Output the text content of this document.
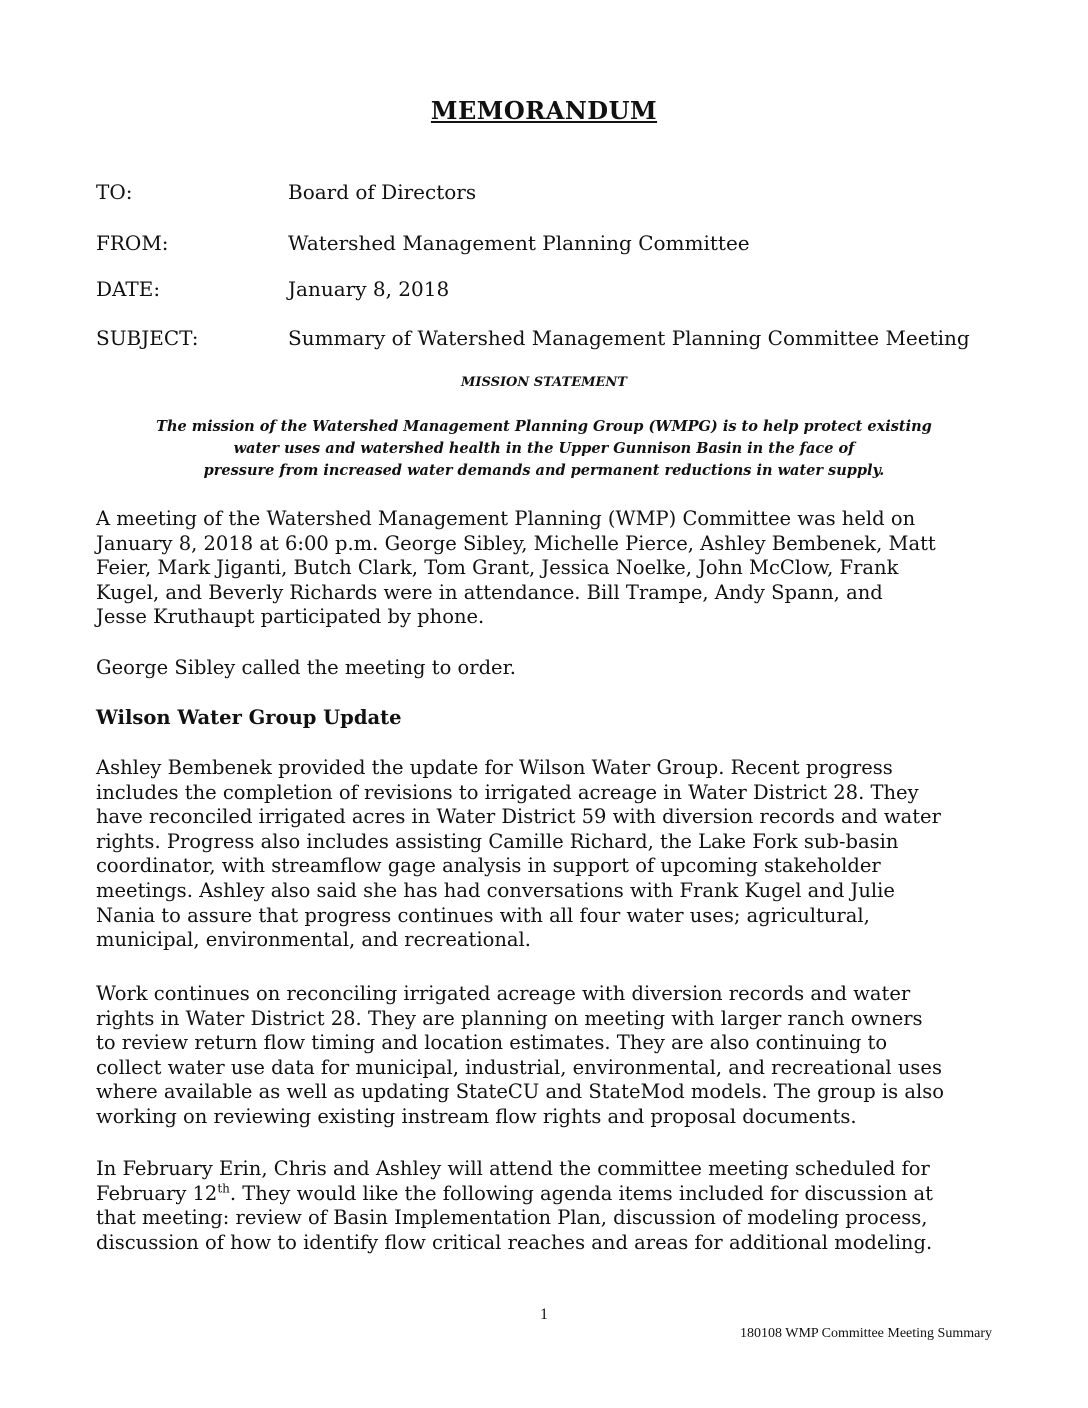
MEMORANDUM
TO:	Board of Directors
FROM:	Watershed Management Planning Committee
DATE:	January 8, 2018
SUBJECT:	Summary of Watershed Management Planning Committee Meeting
MISSION STATEMENT
The mission of the Watershed Management Planning Group (WMPG) is to help protect existing
water uses and watershed health in the Upper Gunnison Basin in the face of
pressure from increased water demands and permanent reductions in water supply.
A meeting of the Watershed Management Planning (WMP) Committee was held on
January 8, 2018 at 6:00 p.m. George Sibley, Michelle Pierce, Ashley Bembenek, Matt
Feier, Mark Jiganti, Butch Clark, Tom Grant, Jessica Noelke, John McClow, Frank
Kugel, and Beverly Richards were in attendance. Bill Trampe, Andy Spann, and
Jesse Kruthaupt participated by phone.
George Sibley called the meeting to order.
Wilson Water Group Update
Ashley Bembenek provided the update for Wilson Water Group. Recent progress
includes the completion of revisions to irrigated acreage in Water District 28. They
have reconciled irrigated acres in Water District 59 with diversion records and water
rights. Progress also includes assisting Camille Richard, the Lake Fork sub-basin
coordinator, with streamflow gage analysis in support of upcoming stakeholder
meetings. Ashley also said she has had conversations with Frank Kugel and Julie
Nania to assure that progress continues with all four water uses; agricultural,
municipal, environmental, and recreational.
Work continues on reconciling irrigated acreage with diversion records and water
rights in Water District 28. They are planning on meeting with larger ranch owners
to review return flow timing and location estimates. They are also continuing to
collect water use data for municipal, industrial, environmental, and recreational uses
where available as well as updating StateCU and StateMod models. The group is also
working on reviewing existing instream flow rights and proposal documents.
In February Erin, Chris and Ashley will attend the committee meeting scheduled for
February 12th. They would like the following agenda items included for discussion at
that meeting: review of Basin Implementation Plan, discussion of modeling process,
discussion of how to identify flow critical reaches and areas for additional modeling.
1
180108 WMP Committee Meeting Summary
